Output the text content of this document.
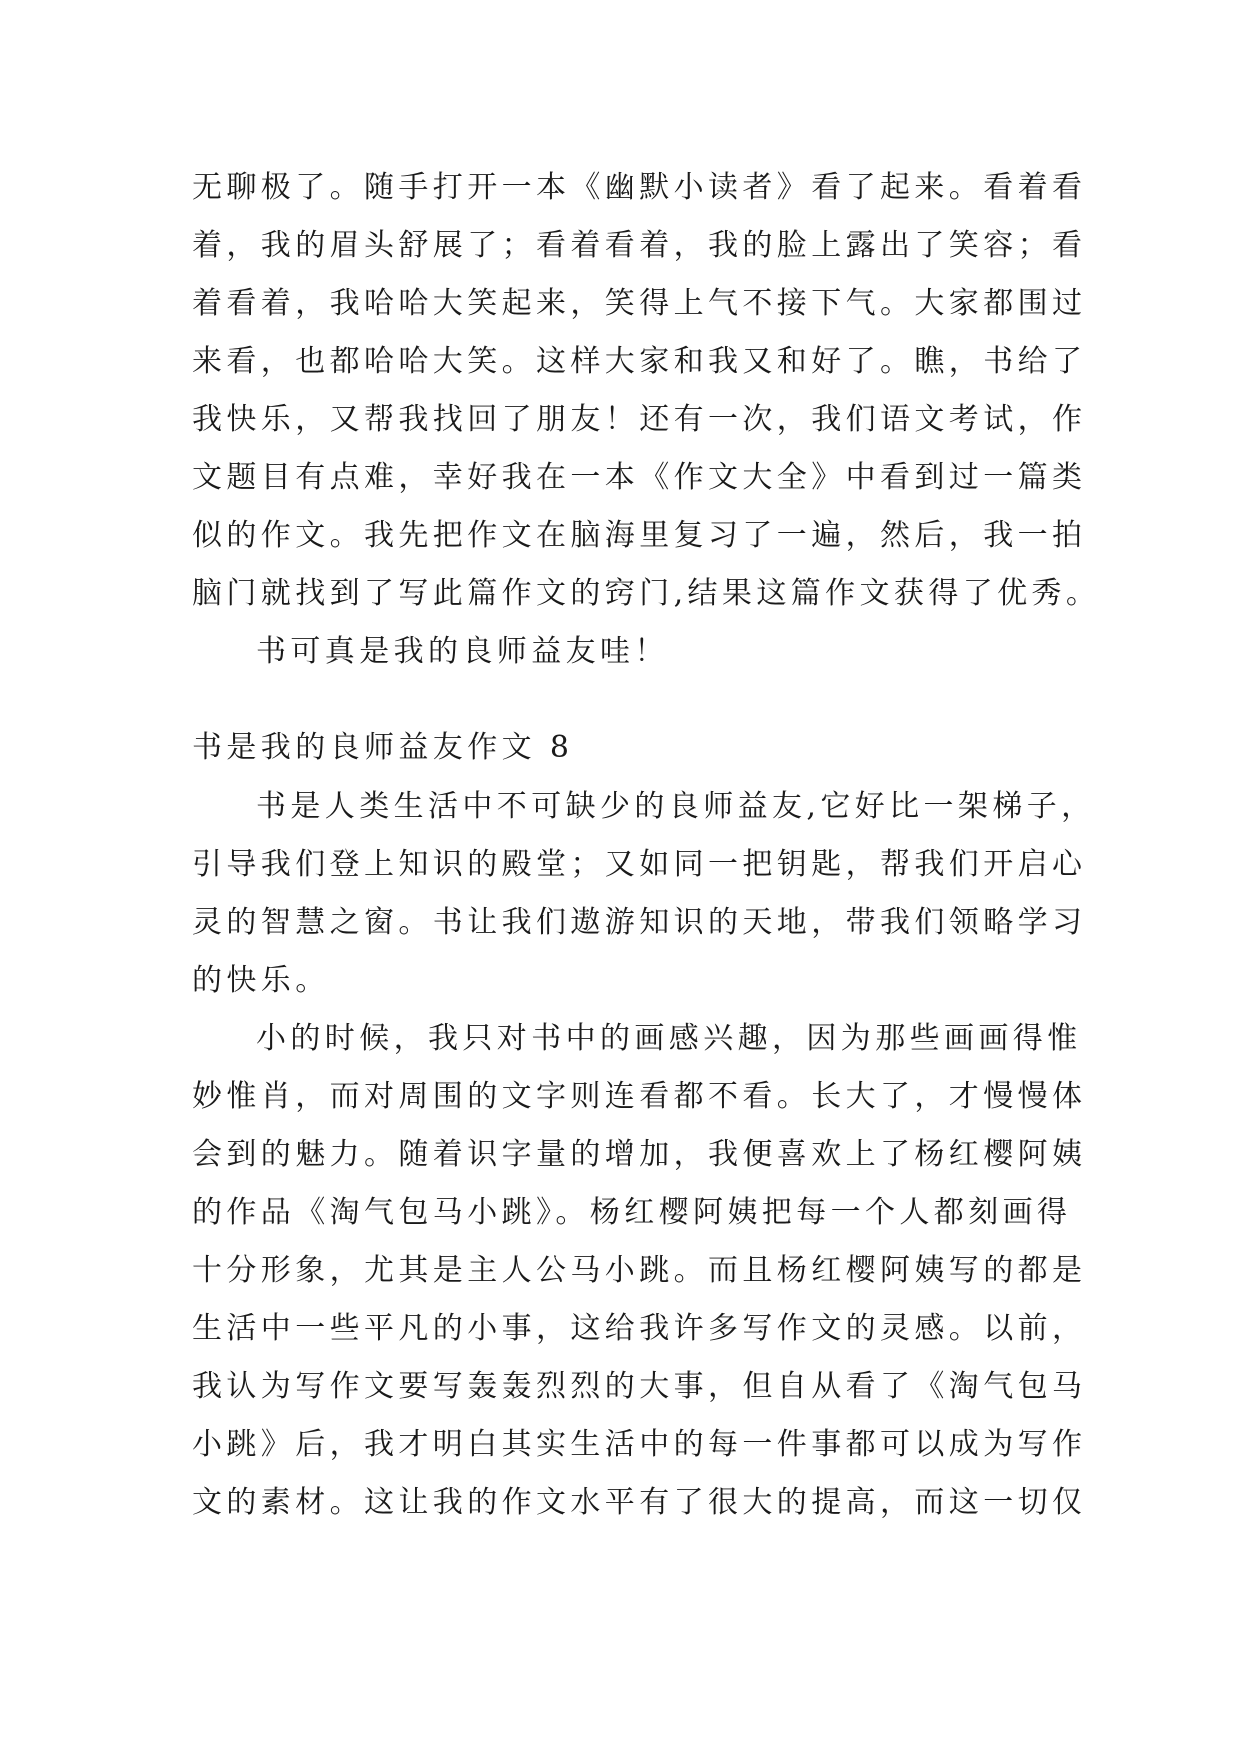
无聊极了。随手打开一本《幽默小读者》看了起来。看着看
着，我的眉头舒展了；看着看着，我的脸上露出了笑容；看
着看着，我哈哈大笑起来，笑得上气不接下气。大家都围过
来看，也都哈哈大笑。这样大家和我又和好了。瞧，书给了
我快乐，又帮我找回了朋友！还有一次，我们语文考试，作
文题目有点难，幸好我在一本《作文大全》中看到过一篇类
似的作文。我先把作文在脑海里复习了一遍，然后，我一拍
脑门就找到了写此篇作文的窍门,结果这篇作文获得了优秀。
书可真是我的良师益友哇！
书是我的良师益友作文 8
书是人类生活中不可缺少的良师益友,它好比一架梯子，
引导我们登上知识的殿堂；又如同一把钥匙，帮我们开启心
灵的智慧之窗。书让我们遨游知识的天地，带我们领略学习
的快乐。
小的时候，我只对书中的画感兴趣，因为那些画画得惟
妙惟肖，而对周围的文字则连看都不看。长大了，才慢慢体
会到的魅力。随着识字量的增加，我便喜欢上了杨红樱阿姨
的作品《淘气包马小跳》。杨红樱阿姨把每一个人都刻画得
十分形象，尤其是主人公马小跳。而且杨红樱阿姨写的都是
生活中一些平凡的小事，这给我许多写作文的灵感。以前，
我认为写作文要写轰轰烈烈的大事，但自从看了《淘气包马
小跳》后，我才明白其实生活中的每一件事都可以成为写作
文的素材。这让我的作文水平有了很大的提高，而这一切仅
